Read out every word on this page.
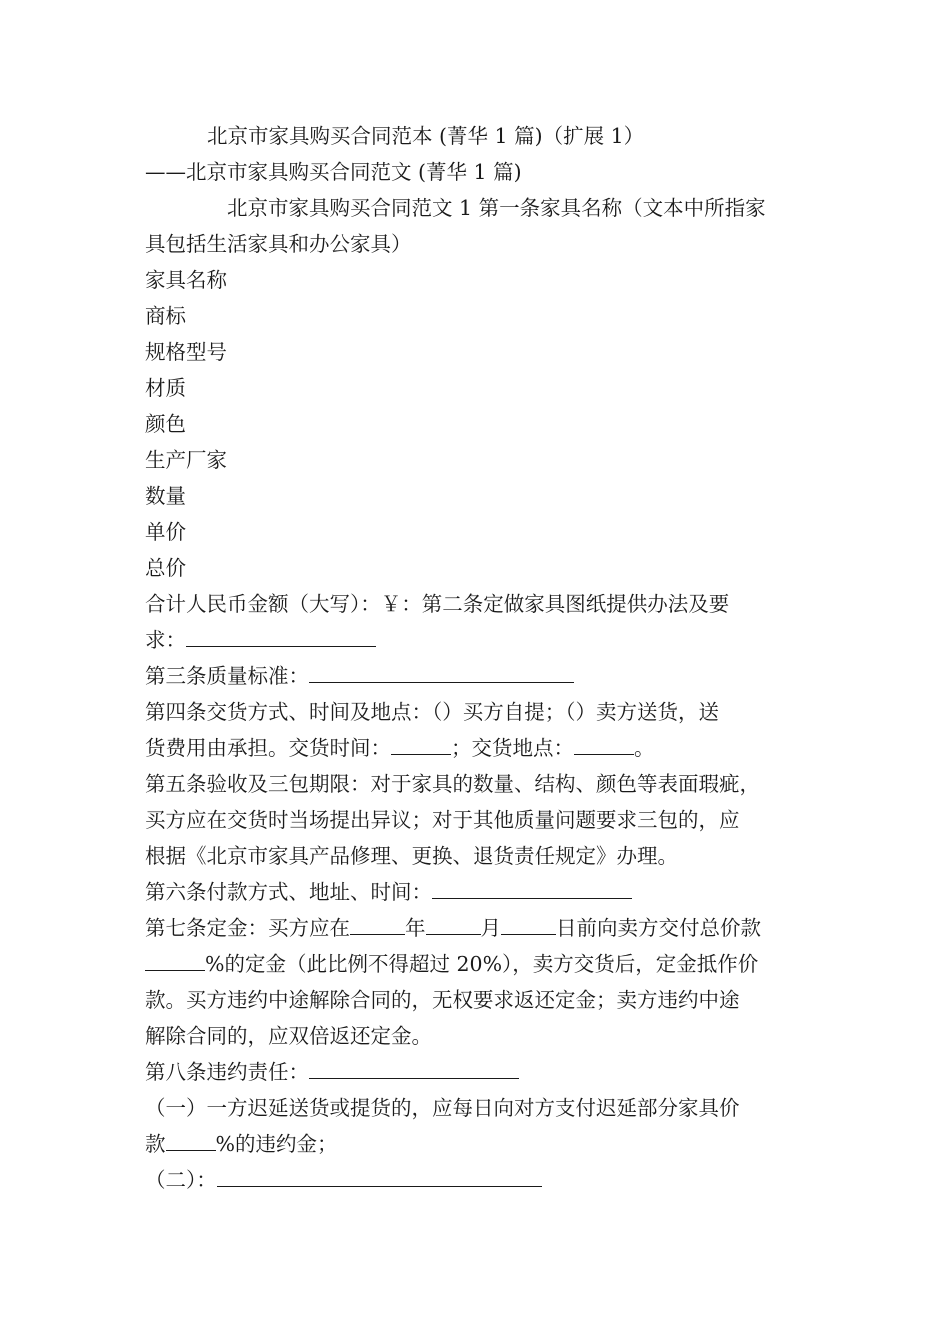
北京市家具购买合同范本 (菁华 1 篇)（扩展 1）
——北京市家具购买合同范文 (菁华 1 篇)
北京市家具购买合同范文 1 第一条家具名称（文本中所指家
具包括生活家具和办公家具）
家具名称
商标
规格型号
材质
颜色
生产厂家
数量
单价
总价
合计人民币金额（大写）：￥：第二条定做家具图纸提供办法及要
求：
第三条质量标准：
第四条交货方式、时间及地点：（）买方自提；（）卖方送货，送
货费用由承担。交货时间：	；交货地点：	。
第五条验收及三包期限：对于家具的数量、结构、颜色等表面瑕疵，
买方应在交货时当场提出异议；对于其他质量问题要求三包的，应
根据《北京市家具产品修理、更换、退货责任规定》办理。
第六条付款方式、地址、时间：
第七条定金：买方应在	年	月	日前向卖方交付总价款
%的定金（此比例不得超过 20%），卖方交货后，定金抵作价
款。买方违约中途解除合同的，无权要求返还定金；卖方违约中途
解除合同的，应双倍返还定金。
第八条违约责任：
（一）一方迟延送货或提货的，应每日向对方支付迟延部分家具价
款 %的违约金；
（二）：
